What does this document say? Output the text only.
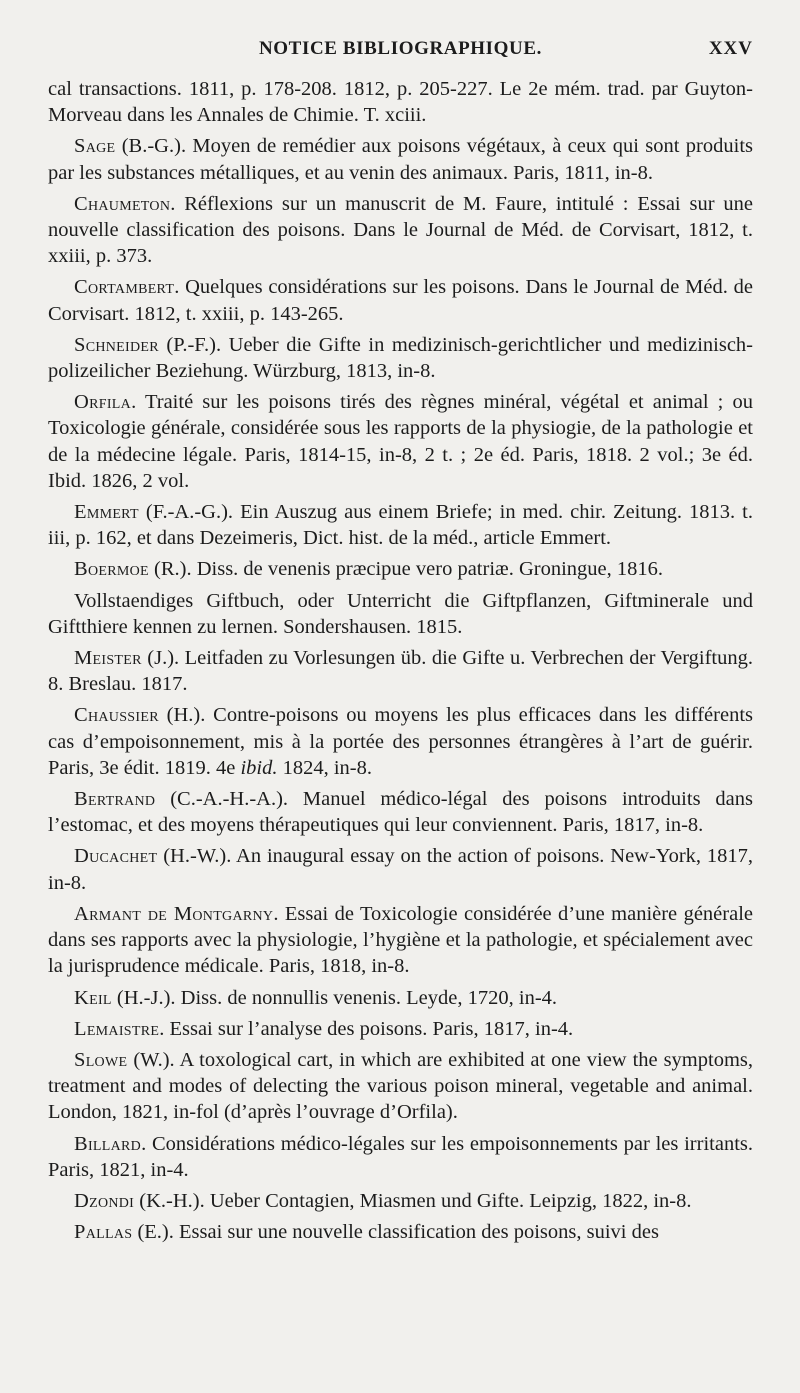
NOTICE BIBLIOGRAPHIQUE.	XXV

cal transactions. 1811, p. 178-208. 1812, p. 205-227. Le 2e mém. trad. par Guyton-Morveau dans les Annales de Chimie. T. xciii.

Sage (B.-G.). Moyen de remédier aux poisons végétaux, à ceux qui sont produits par les substances métalliques, et au venin des animaux. Paris, 1811, in-8.

Chaumeton. Réflexions sur un manuscrit de M. Faure, intitulé : Essai sur une nouvelle classification des poisons. Dans le Journal de Méd. de Corvisart, 1812, t. xxiii, p. 373.

Cortambert. Quelques considérations sur les poisons. Dans le Journal de Méd. de Corvisart. 1812, t. xxiii, p. 143-265.

Schneider (P.-F.). Ueber die Gifte in medizinisch-gerichtlicher und medizinisch-polizeilicher Beziehung. Würzburg, 1813, in-8.

Orfila. Traité sur les poisons tirés des règnes minéral, végétal et animal ; ou Toxicologie générale, considérée sous les rapports de la physiogie, de la pathologie et de la médecine légale. Paris, 1814-15, in-8, 2 t. ; 2e éd. Paris, 1818. 2 vol.; 3e éd. Ibid. 1826, 2 vol.

Emmert (F.-A.-G.). Ein Auszug aus einem Briefe; in med. chir. Zeitung. 1813. t. iii, p. 162, et dans Dezeimeris, Dict. hist. de la méd., article Emmert.

Boermoe (R.). Diss. de venenis præcipue vero patriæ. Groningue, 1816.

Vollstaendiges Giftbuch, oder Unterricht die Giftpflanzen, Giftminerale und Giftthiere kennen zu lernen. Sondershausen. 1815.

Meister (J.). Leitfaden zu Vorlesungen üb. die Gifte u. Verbrechen der Vergiftung. 8. Breslau. 1817.

Chaussier (H.). Contre-poisons ou moyens les plus efficaces dans les différents cas d’empoisonnement, mis à la portée des personnes étrangères à l’art de guérir. Paris, 3e édit. 1819. 4e ibid. 1824, in-8.

Bertrand (C.-A.-H.-A.). Manuel médico-légal des poisons introduits dans l’estomac, et des moyens thérapeutiques qui leur conviennent. Paris, 1817, in-8.

Ducachet (H.-W.). An inaugural essay on the action of poisons. New-York, 1817, in-8.

Armant de Montgarny. Essai de Toxicologie considérée d’une manière générale dans ses rapports avec la physiologie, l’hygiène et la pathologie, et spécialement avec la jurisprudence médicale. Paris, 1818, in-8.

Keil (H.-J.). Diss. de nonnullis venenis. Leyde, 1720, in-4.

Lemaistre. Essai sur l’analyse des poisons. Paris, 1817, in-4.

Slowe (W.). A toxological cart, in which are exhibited at one view the symptoms, treatment and modes of delecting the various poison mineral, vegetable and animal. London, 1821, in-fol (d’après l’ouvrage d’Orfila).

Billard. Considérations médico-légales sur les empoisonnements par les irritants. Paris, 1821, in-4.

Dzondi (K.-H.). Ueber Contagien, Miasmen und Gifte. Leipzig, 1822, in-8.

Pallas (E.). Essai sur une nouvelle classification des poisons, suivi des
